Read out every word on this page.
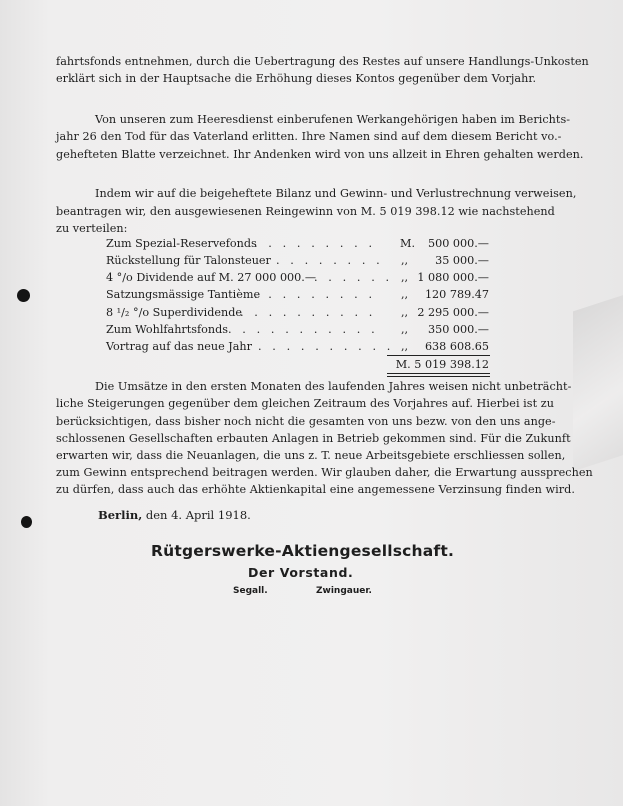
fahrtsfonds entnehmen, durch die Uebertragung des Restes auf unsere Handlungs-Unkosten
erklärt sich in der Hauptsache die Erhöhung dieses Kontos gegenüber dem Vorjahr.
Von unseren zum Heeresdienst einberufenen Werkangehörigen haben im Berichts-
jahr 26 den Tod für das Vaterland erlitten. Ihre Namen sind auf dem diesem Bericht vo.-
gehefteten Blatte verzeichnet. Ihr Andenken wird von uns allzeit in Ehren gehalten werden.
Indem wir auf die beigeheftete Bilanz und Gewinn- und Verlustrechnung verweisen,
beantragen wir, den ausgewiesenen Reingewinn von M. 5 019 398.12 wie nachstehend
zu verteilen:
Zum Spezial-Reservefonds
. . . . . . . . . M. 500 000.—
Rückstellung für Talonsteuer . . . . . . . . ,, 35 000.—
4 °/o Dividende auf M. 27 000 000.—
. . . . . . ,, 1 080 000.—
Satzungsmässige Tantième
. . . . . . . . . ,, 120 789.47
8 ¹/₂ °/o Superdividende
. . . . . . . . . . ,, 2 295 000.—
Zum Wohlfahrtsfonds . . . . . . . . . . . ,, 350 000.—
Vortrag auf das neue Jahr . . . . . . . . . . ,, 638 608.65
M. 5 019 398.12
Die Umsätze in den ersten Monaten des laufenden Jahres weisen nicht unbeträcht-
liche Steigerungen gegenüber dem gleichen Zeitraum des Vorjahres auf. Hierbei ist zu
berücksichtigen, dass bisher noch nicht die gesamten von uns bezw. von den uns ange-
schlossenen Gesellschaften erbauten Anlagen in Betrieb gekommen sind. Für die Zukunft
erwarten wir, dass die Neuanlagen, die uns z. T. neue Arbeitsgebiete erschliessen sollen,
zum Gewinn entsprechend beitragen werden. Wir glauben daher, die Erwartung aussprechen
zu dürfen, dass auch das erhöhte Aktienkapital eine angemessene Verzinsung finden wird.
Berlin, den 4. April 1918.
Rütgerswerke-Aktiengesellschaft.
Der Vorstand.
Segall.	Zwingauer.
